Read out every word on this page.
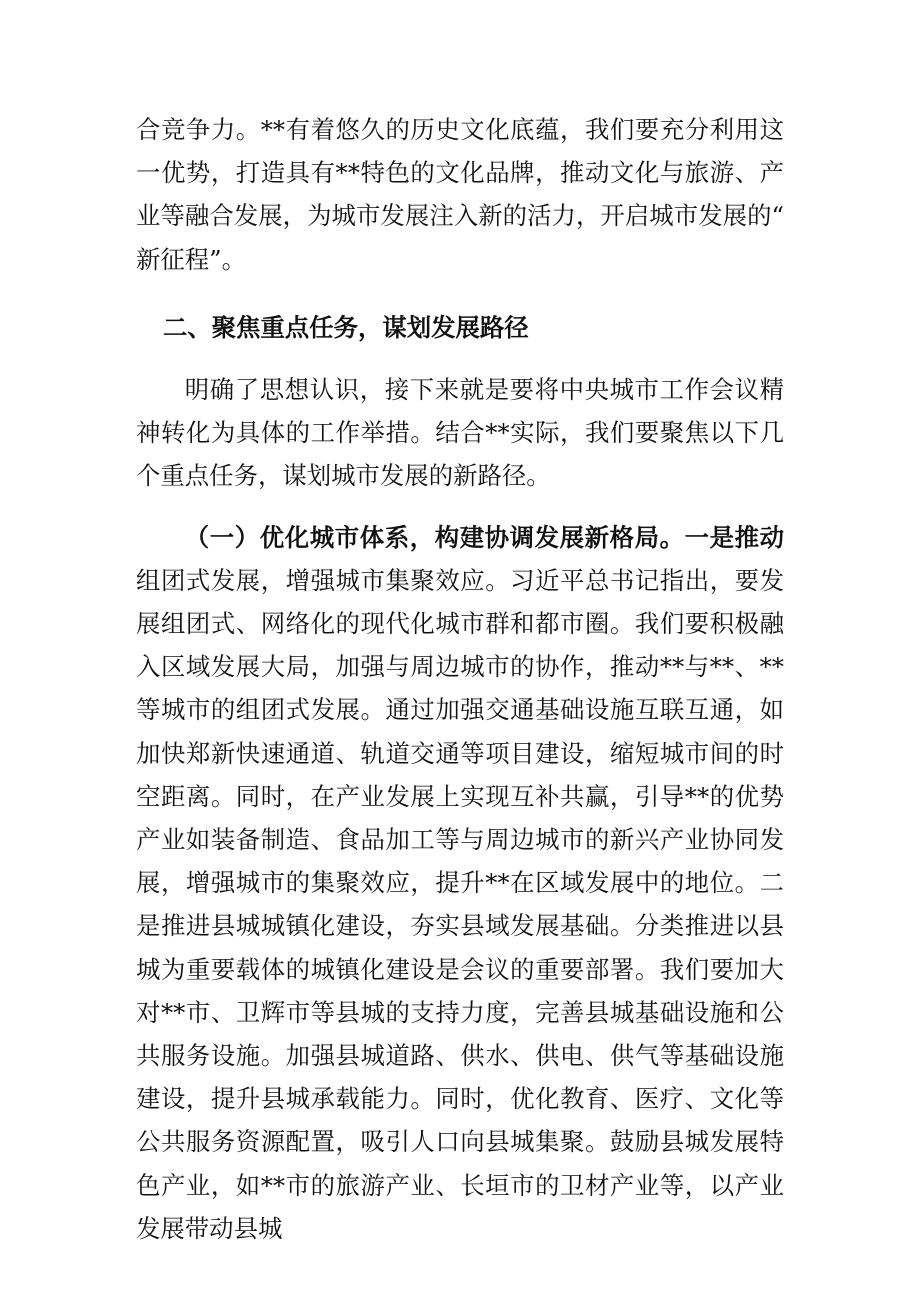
合竞争力。**有着悠久的历史文化底蕴，我们要充分利用这一优势，打造具有**特色的文化品牌，推动文化与旅游、产业等融合发展，为城市发展注入新的活力，开启城市发展的“新征程”。

二、聚焦重点任务，谋划发展路径

明确了思想认识，接下来就是要将中央城市工作会议精神转化为具体的工作举措。结合**实际，我们要聚焦以下几个重点任务，谋划城市发展的新路径。

（一）优化城市体系，构建协调发展新格局。一是推动组团式发展，增强城市集聚效应。习近平总书记指出，要发展组团式、网络化的现代化城市群和都市圈。我们要积极融入区域发展大局，加强与周边城市的协作，推动**与**、**等城市的组团式发展。通过加强交通基础设施互联互通，如加快郑新快速通道、轨道交通等项目建设，缩短城市间的时空距离。同时，在产业发展上实现互补共赢，引导**的优势产业如装备制造、食品加工等与周边城市的新兴产业协同发展，增强城市的集聚效应，提升**在区域发展中的地位。二是推进县城城镇化建设，夯实县域发展基础。分类推进以县城为重要载体的城镇化建设是会议的重要部署。我们要加大对**市、卫辉市等县城的支持力度，完善县城基础设施和公共服务设施。加强县城道路、供水、供电、供气等基础设施建设，提升县城承载能力。同时，优化教育、医疗、文化等公共服务资源配置，吸引人口向县城集聚。鼓励县城发展特色产业，如**市的旅游产业、长垣市的卫材产业等，以产业发展带动县城
